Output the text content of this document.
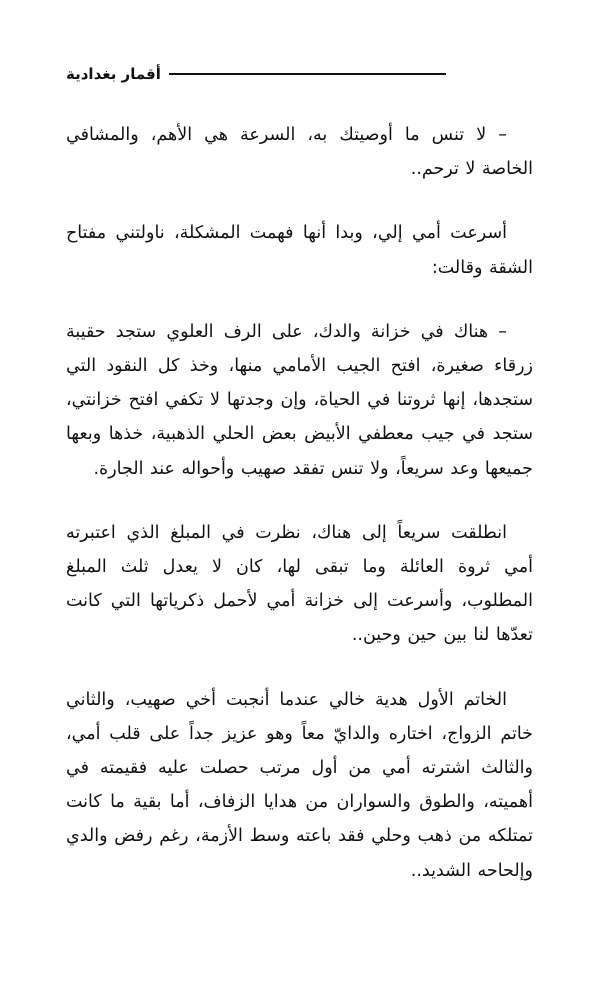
أقمار بغدادية

– لا تنس ما أوصيتك به، السرعة هي الأهم، والمشافي الخاصة لا ترحم..

أسرعت أمي إلي، وبدا أنها فهمت المشكلة، ناولتني مفتاح الشقة وقالت:

– هناك في خزانة والدك، على الرف العلوي ستجد حقيبة زرقاء صغيرة، افتح الجيب الأمامي منها، وخذ كل النقود التي ستجدها، إنها ثروتنا في الحياة، وإن وجدتها لا تكفي افتح خزانتي، ستجد في جيب معطفي الأبيض بعض الحلي الذهبية، خذها وبعها جميعها وعد سريعاً، ولا تنس تفقد صهيب وأحواله عند الجارة.

انطلقت سريعاً إلى هناك، نظرت في المبلغ الذي اعتبرته أمي ثروة العائلة وما تبقى لها، كان لا يعدل ثلث المبلغ المطلوب، وأسرعت إلى خزانة أمي لأحمل ذكرياتها التي كانت تعدّها لنا بين حين وحين..

الخاتم الأول هدية خالي عندما أنجبت أخي صهيب، والثاني خاتم الزواج، اختاره والدايّ معاً وهو عزيز جداً على قلب أمي، والثالث اشترته أمي من أول مرتب حصلت عليه فقيمته في أهميته، والطوق والسواران من هدايا الزفاف، أما بقية ما كانت تمتلكه من ذهب وحلي فقد باعته وسط الأزمة، رغم رفض والدي وإلحاحه الشديد..
